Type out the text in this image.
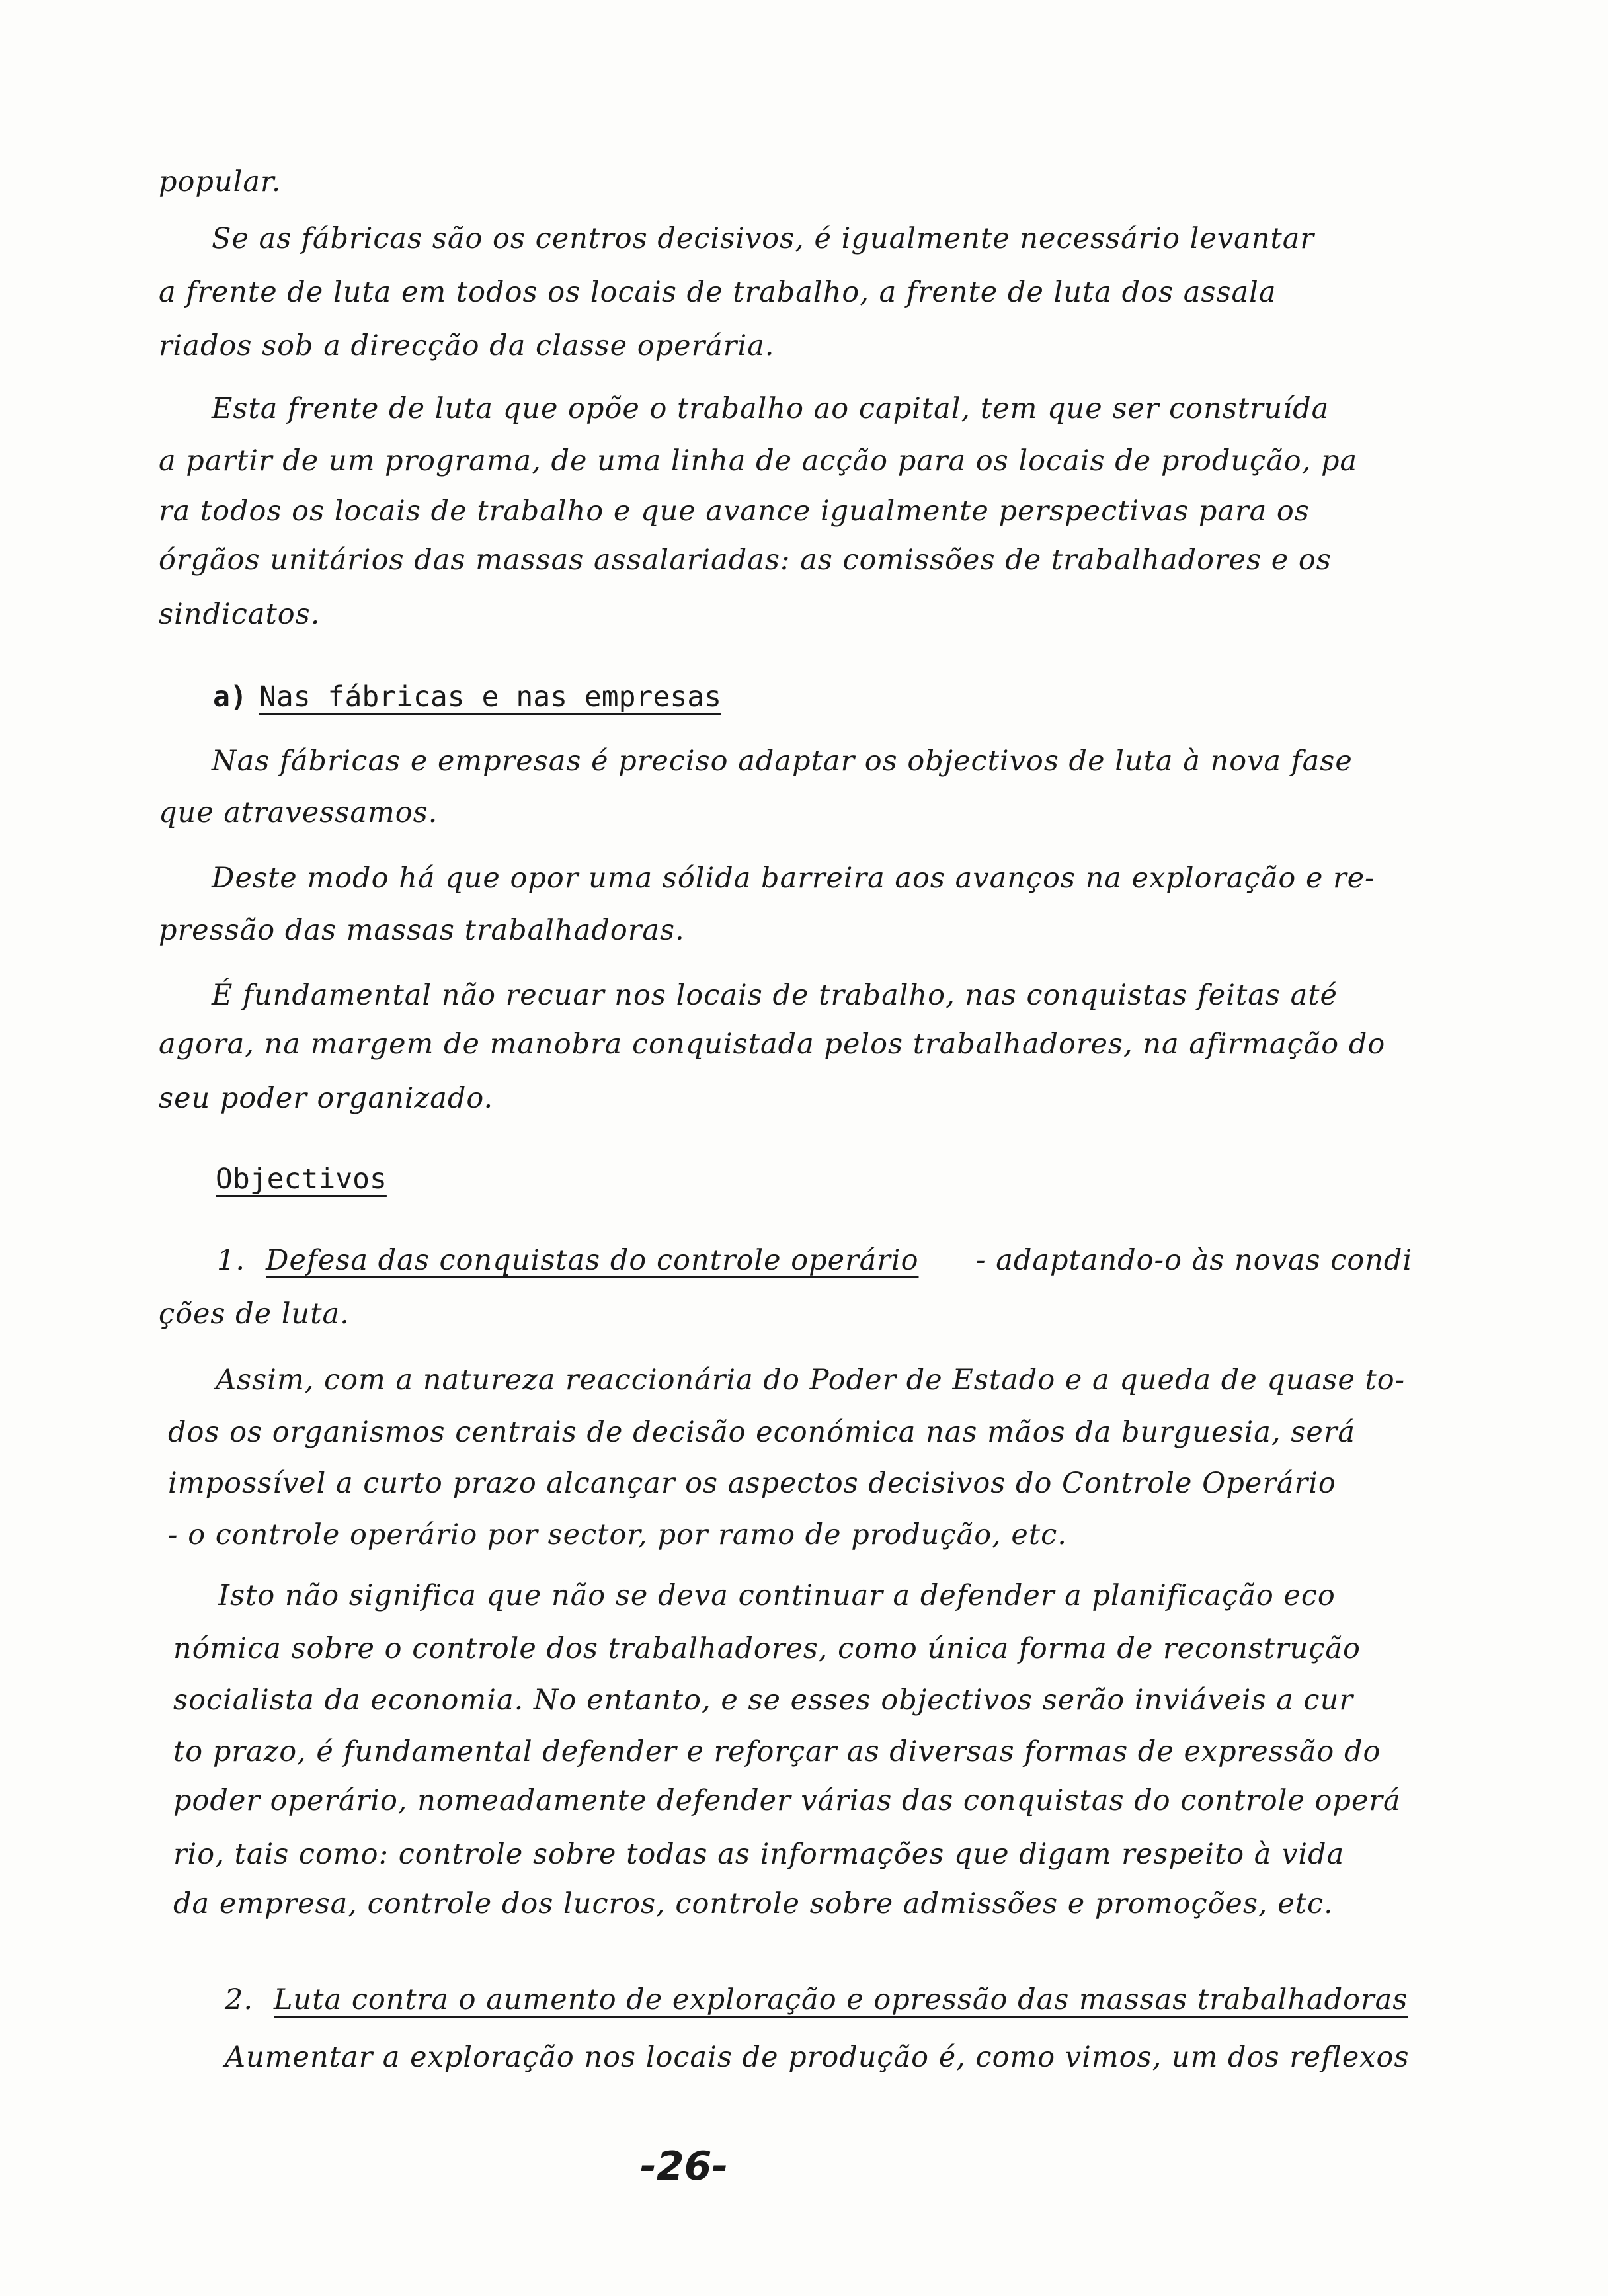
popular.
Se as fábricas são os centros decisivos, é igualmente necessário levantar
a frente de luta em todos os locais de trabalho, a frente de luta dos assala
riados sob a direcção da classe operária.
Esta frente de luta que opõe o trabalho ao capital, tem que ser construída
a partir de um programa, de uma linha de acção para os locais de produção, pa
ra todos os locais de trabalho e que avance igualmente perspectivas para os
órgãos unitários das massas assalariadas: as comissões de trabalhadores e os
sindicatos.
a) Nas fábricas e nas empresas
Nas fábricas e empresas é preciso adaptar os objectivos de luta à nova fase
que atravessamos.
Deste modo há que opor uma sólida barreira aos avanços na exploração e re-
pressão das massas trabalhadoras.
É fundamental não recuar nos locais de trabalho, nas conquistas feitas até
agora, na margem de manobra conquistada pelos trabalhadores, na afirmação do
seu poder organizado.
Objectivos
1. Defesa das conquistas do controle operário - adaptando-o às novas condi
ções de luta.
Assim, com a natureza reaccionária do Poder de Estado e a queda de quase to-
dos os organismos centrais de decisão económica nas mãos da burguesia, será
impossível a curto prazo alcançar os aspectos decisivos do Controle Operário
- o controle operário por sector, por ramo de produção, etc.
Isto não significa que não se deva continuar a defender a planificação eco
nómica sobre o controle dos trabalhadores, como única forma de reconstrução
socialista da economia. No entanto, e se esses objectivos serão inviáveis a cur
to prazo, é fundamental defender e reforçar as diversas formas de expressão do
poder operário, nomeadamente defender várias das conquistas do controle operá
rio, tais como: controle sobre todas as informações que digam respeito à vida
da empresa, controle dos lucros, controle sobre admissões e promoções, etc.
2. Luta contra o aumento de exploração e opressão das massas trabalhadoras
Aumentar a exploração nos locais de produção é, como vimos, um dos reflexos
-26-
